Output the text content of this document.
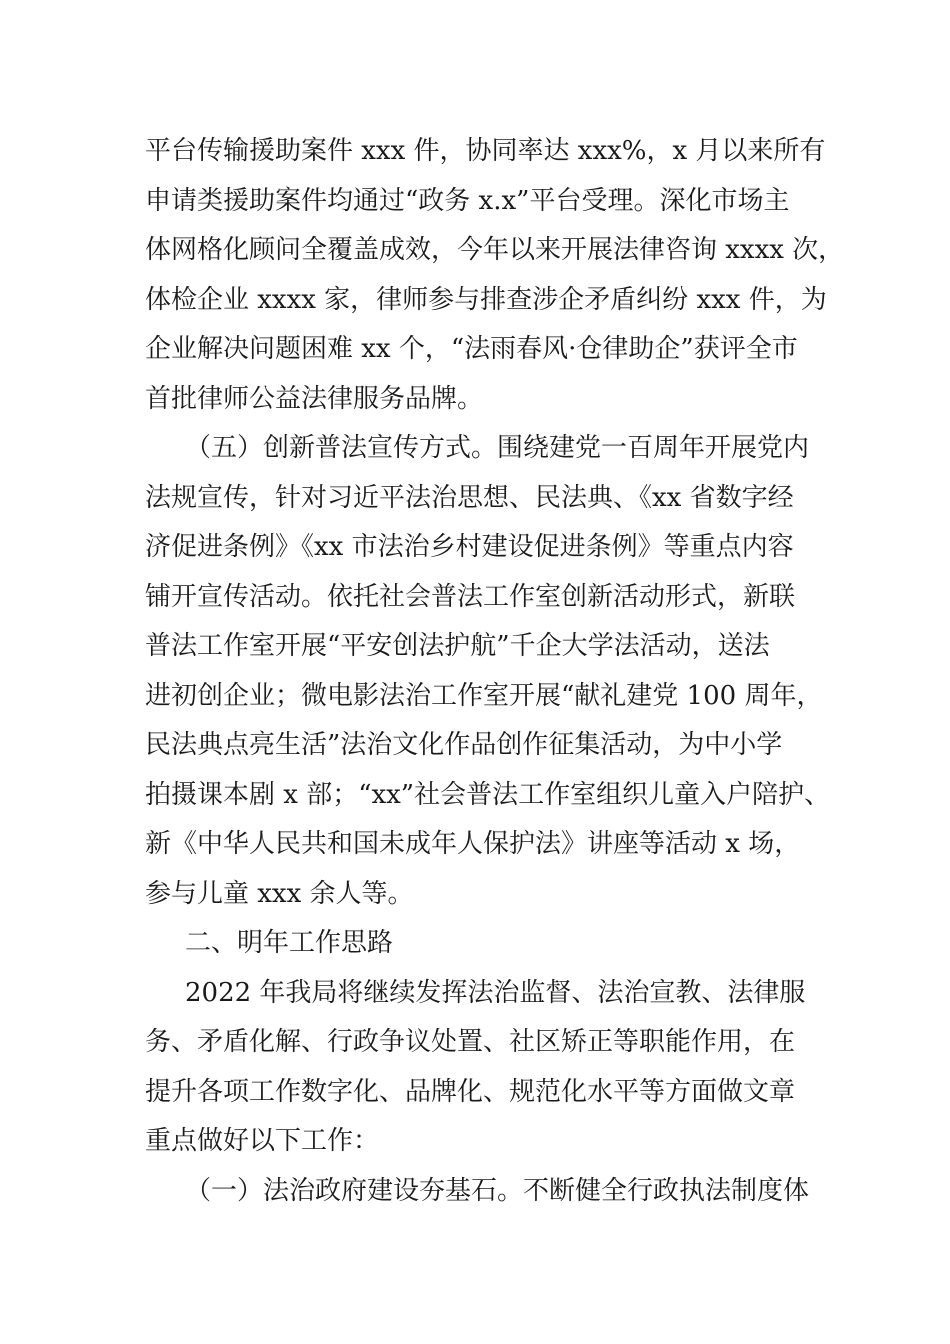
平台传输援助案件 xxx 件，协同率达 xxx%，x 月以来所有
申请类援助案件均通过“政务 x.x”平台受理。深化市场主
体网格化顾问全覆盖成效，今年以来开展法律咨询 xxxx 次，
体检企业 xxxx 家，律师参与排查涉企矛盾纠纷 xxx 件，为
企业解决问题困难 xx 个，“法雨春风·仓律助企”获评全市
首批律师公益法律服务品牌。
（五）创新普法宣传方式。围绕建党一百周年开展党内
法规宣传，针对习近平法治思想、民法典、《xx 省数字经
济促进条例》《xx 市法治乡村建设促进条例》等重点内容
铺开宣传活动。依托社会普法工作室创新活动形式，新联
普法工作室开展“平安创法护航”千企大学法活动，送法
进初创企业；微电影法治工作室开展“献礼建党 100 周年，
民法典点亮生活”法治文化作品创作征集活动，为中小学
拍摄课本剧 x 部；“xx”社会普法工作室组织儿童入户陪护、
新《中华人民共和国未成年人保护法》讲座等活动 x 场，
参与儿童 xxx 余人等。
二、明年工作思路
2022 年我局将继续发挥法治监督、法治宣教、法律服
务、矛盾化解、行政争议处置、社区矫正等职能作用，在
提升各项工作数字化、品牌化、规范化水平等方面做文章
重点做好以下工作：
（一）法治政府建设夯基石。不断健全行政执法制度体
